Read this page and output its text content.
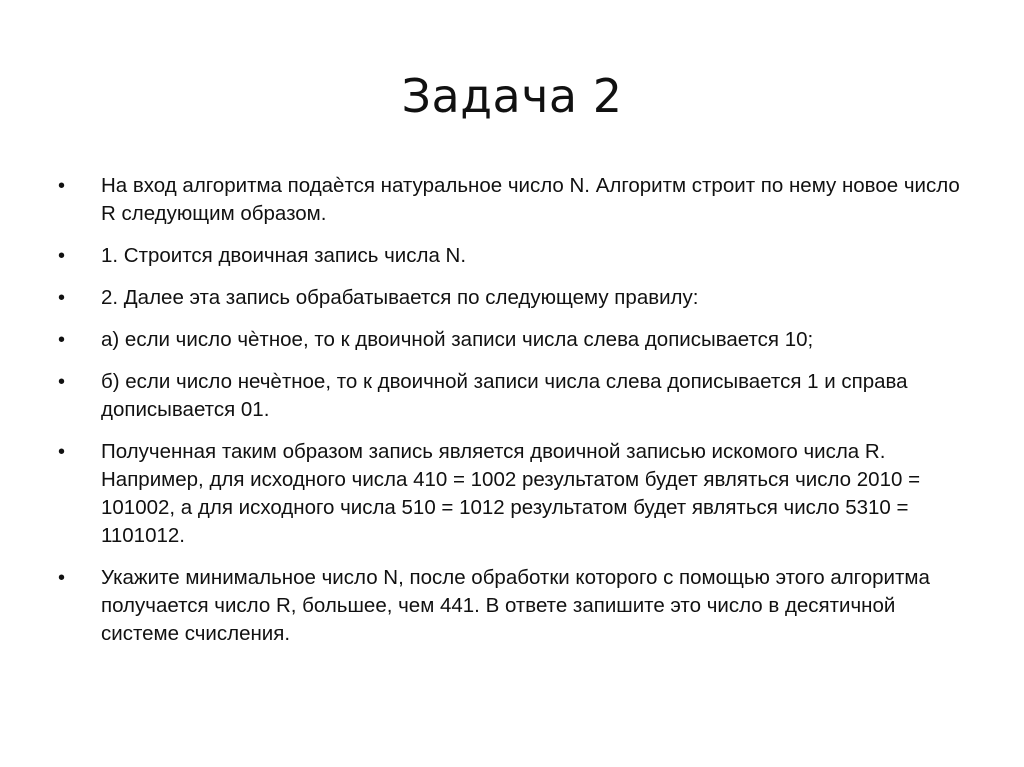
Задача 2
•	На вход алгоритма подаѐтся натуральное число N. Алгоритм строит по нему новое число R следующим образом.
•	1. Строится двоичная запись числа N.
•	2. Далее эта запись обрабатывается по следующему правилу:
•	а) если число чѐтное, то к двоичной записи числа слева дописывается 10;
•	б) если число нечѐтное, то к двоичной записи числа слева дописывается 1 и справа дописывается 01.
•	Полученная таким образом запись является двоичной записью искомого числа R. Например, для исходного числа 410 = 1002 результатом будет являться число 2010 = 101002, а для исходного числа 510 = 1012 результатом будет являться число 5310 = 1101012.
•	Укажите минимальное число N, после обработки которого с помощью этого алгоритма получается число R, большее, чем 441. В ответе запишите это число в десятичной системе счисления.
